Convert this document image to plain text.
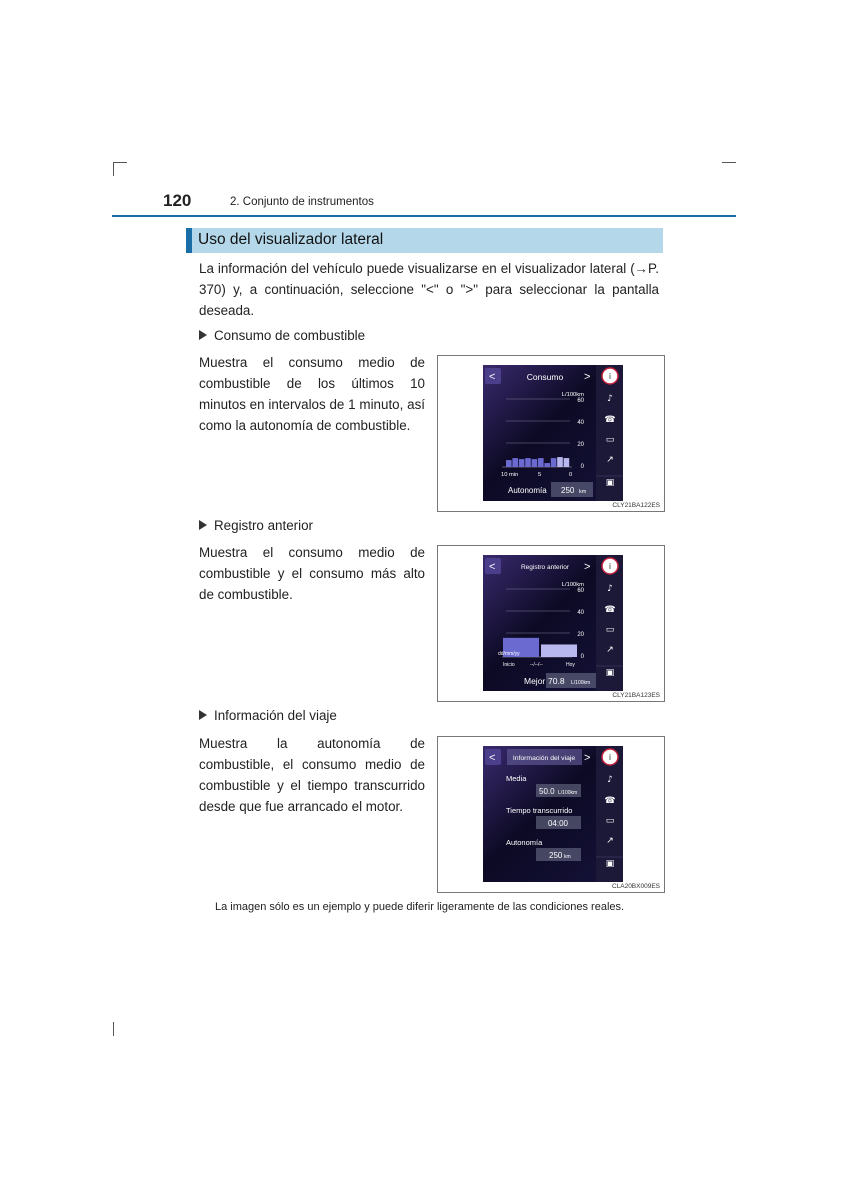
120	2. Conjunto de instrumentos
Uso del visualizador lateral
La información del vehículo puede visualizarse en el visualizador lateral (→P. 370) y, a continuación, seleccione "<" o ">" para seleccionar la pantalla deseada.
Consumo de combustible
Muestra el consumo medio de combustible de los últimos 10 minutos en intervalos de 1 minuto, así como la autonomía de combustible.
<	Consumo >
L/100km
60
40
20
0
10 min	5	0
Autonomía 250 km
i
♪
☎
▭
↗
▣
CLY21BA122ES
Registro anterior
Muestra el consumo medio de combustible y el consumo más alto de combustible.
<	Registro anterior >
L/100km
60
40
20
0
dd/mm/yy
Inicio	--/--/--	Hoy
Mejor 70.8 L/100km
i
♪
☎
▭
↗
▣
CLY21BA123ES
Información del viaje
Muestra la autonomía de combustible, el consumo medio de combustible y el tiempo transcurrido desde que fue arrancado el motor.
<	Información del viaje >
Media
50.0 L/100km
Tiempo transcurrido
04:00
Autonomía
250 km
i
♪
☎
▭
↗
▣
CLA20BX009ES
La imagen sólo es un ejemplo y puede diferir ligeramente de las condiciones reales.
